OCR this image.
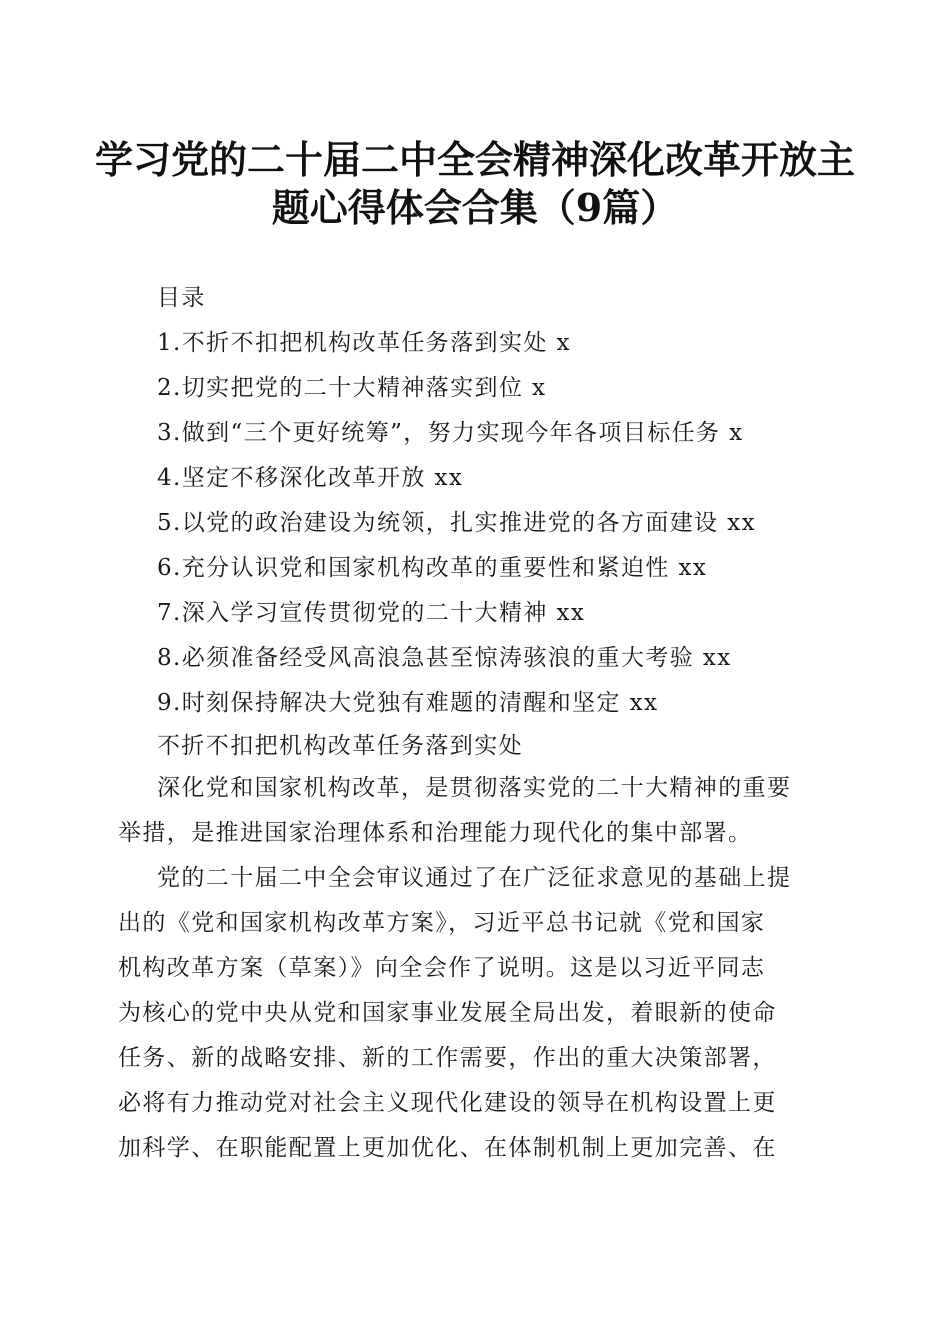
学习党的二十届二中全会精神深化改革开放主
题心得体会合集（9篇）
目录
1.不折不扣把机构改革任务落到实处 x
2.切实把党的二十大精神落实到位 x
3.做到“三个更好统筹”，努力实现今年各项目标任务 x
4.坚定不移深化改革开放 xx
5.以党的政治建设为统领，扎实推进党的各方面建设 xx
6.充分认识党和国家机构改革的重要性和紧迫性 xx
7.深入学习宣传贯彻党的二十大精神 xx
8.必须准备经受风高浪急甚至惊涛骇浪的重大考验 xx
9.时刻保持解决大党独有难题的清醒和坚定 xx
不折不扣把机构改革任务落到实处
深化党和国家机构改革，是贯彻落实党的二十大精神的重要
举措，是推进国家治理体系和治理能力现代化的集中部署。
党的二十届二中全会审议通过了在广泛征求意见的基础上提
出的《党和国家机构改革方案》，习近平总书记就《党和国家
机构改革方案（草案）》向全会作了说明。这是以习近平同志
为核心的党中央从党和国家事业发展全局出发，着眼新的使命
任务、新的战略安排、新的工作需要，作出的重大决策部署，
必将有力推动党对社会主义现代化建设的领导在机构设置上更
加科学、在职能配置上更加优化、在体制机制上更加完善、在
